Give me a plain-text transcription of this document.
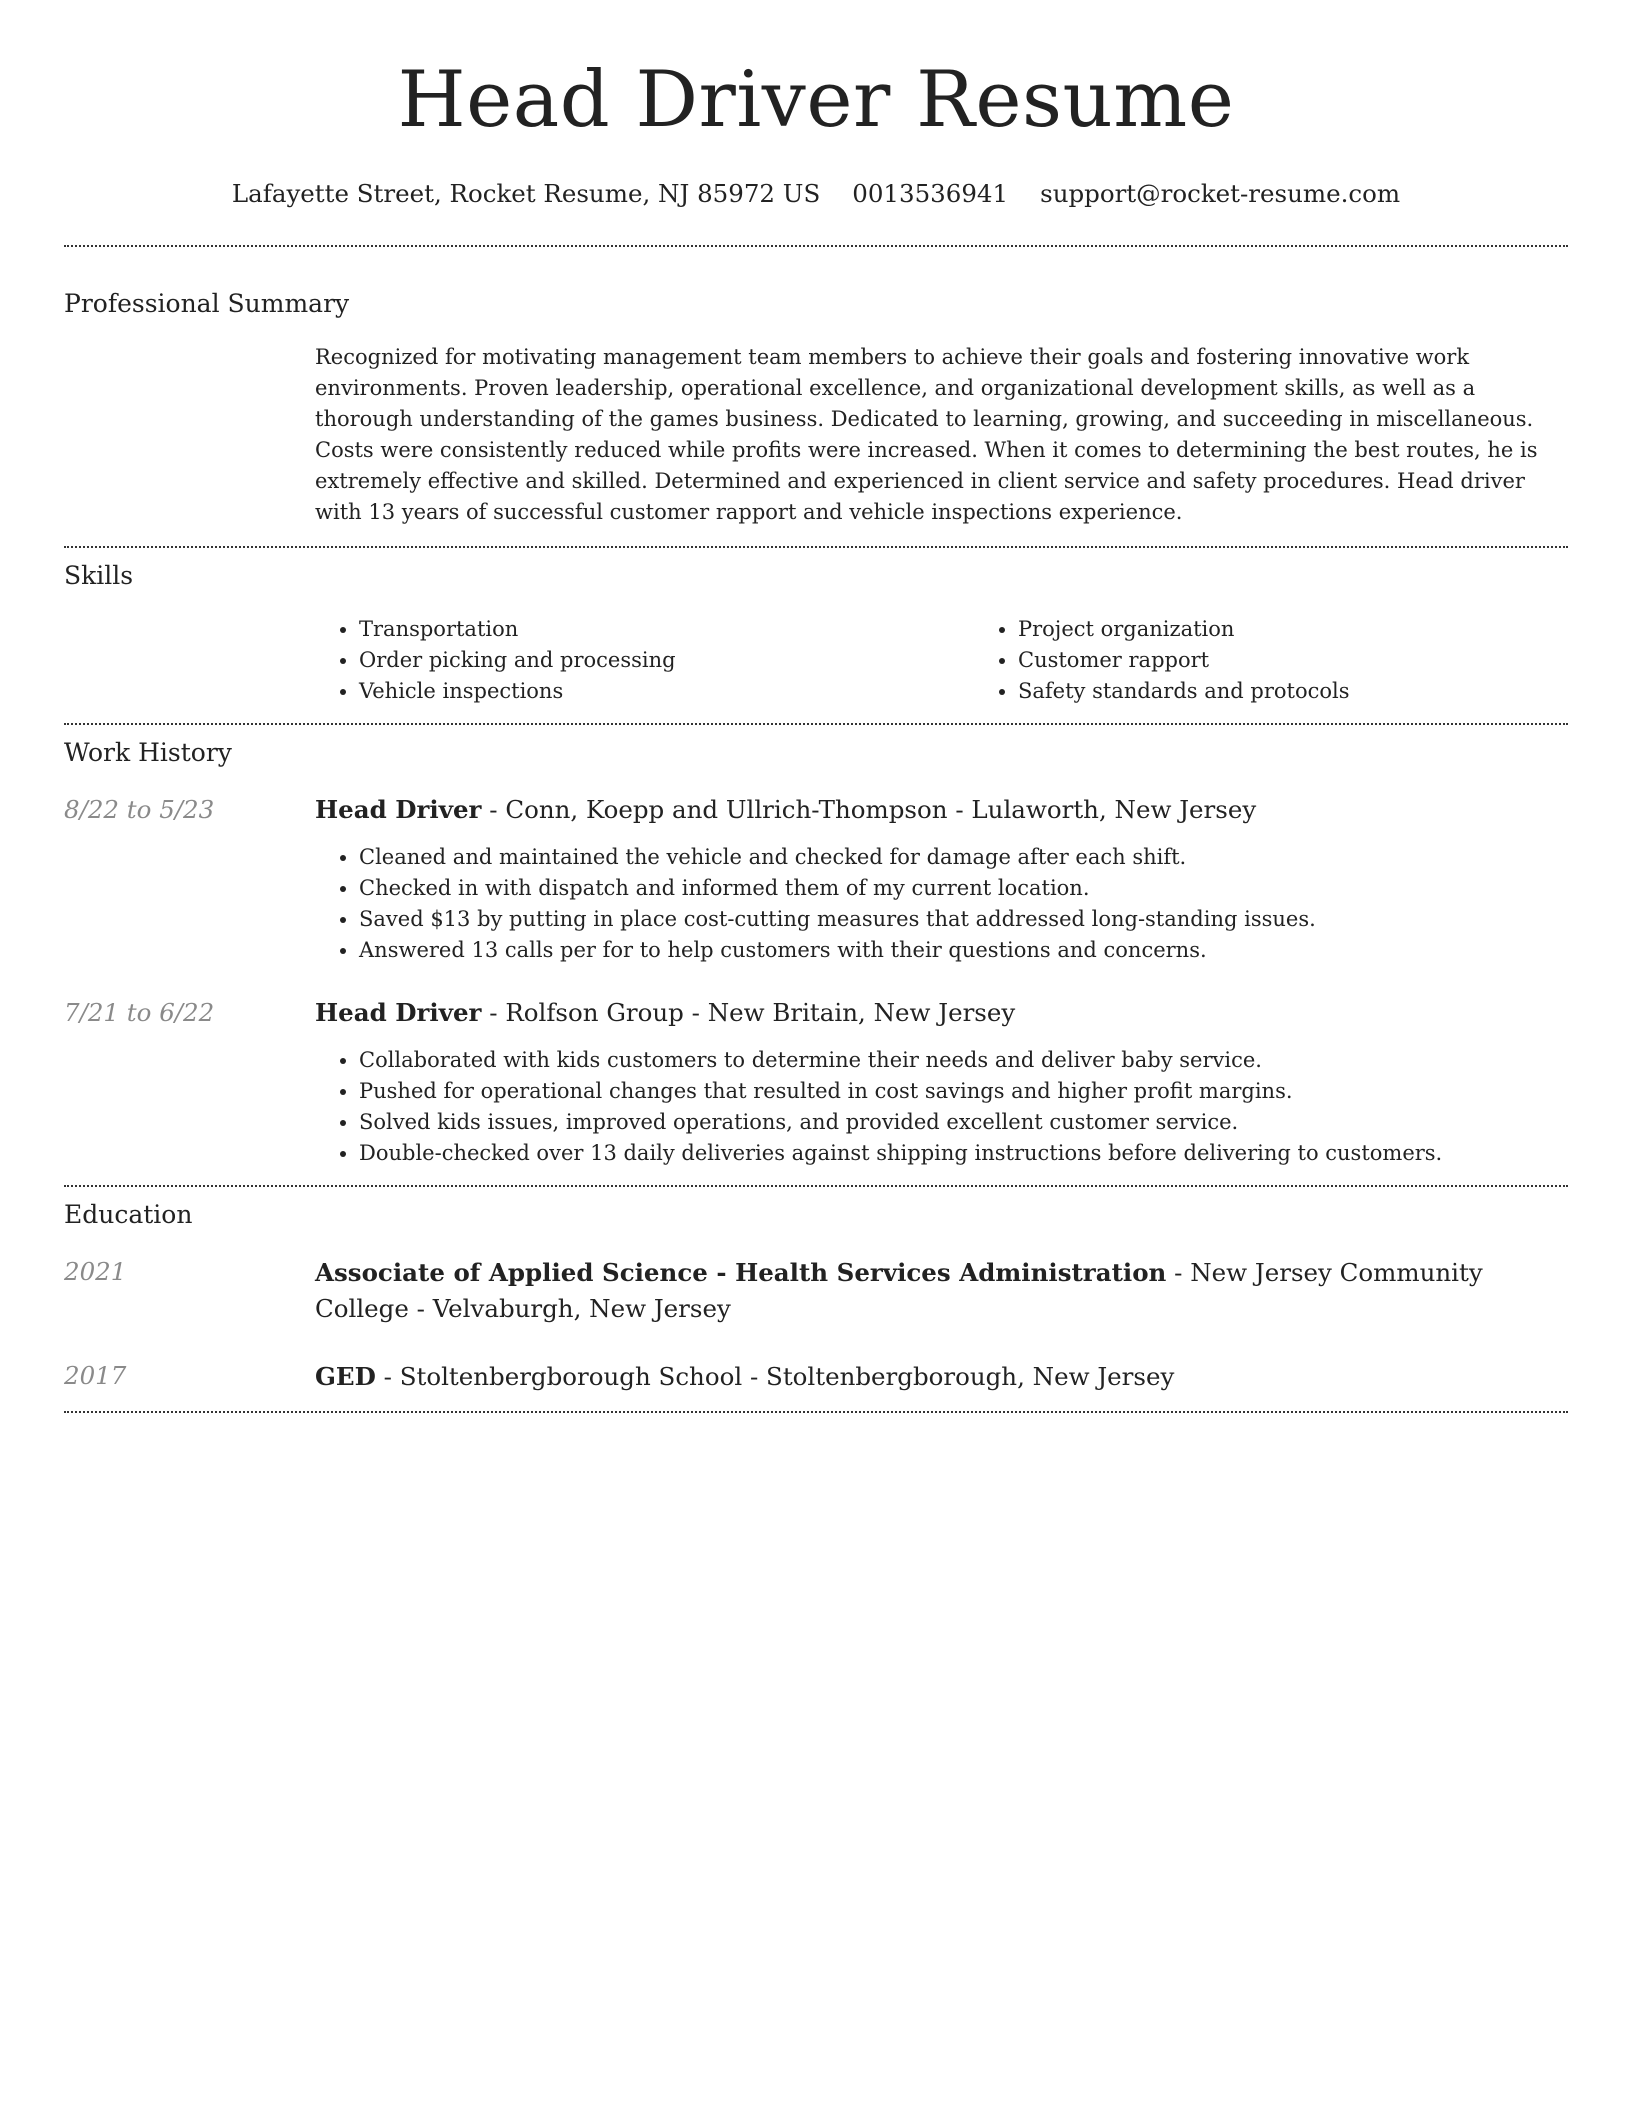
Head Driver Resume
Lafayette Street, Rocket Resume, NJ 85972 US 0013536941 support@rocket-resume.com
Professional Summary
Recognized for motivating management team members to achieve their goals and fostering innovative work environments. Proven leadership, operational excellence, and organizational development skills, as well as a thorough understanding of the games business. Dedicated to learning, growing, and succeeding in miscellaneous. Costs were consistently reduced while profits were increased. When it comes to determining the best routes, he is extremely effective and skilled. Determined and experienced in client service and safety procedures. Head driver with 13 years of successful customer rapport and vehicle inspections experience.
Skills
• Transportation
• Order picking and processing
• Vehicle inspections
• Project organization
• Customer rapport
• Safety standards and protocols
Work History
8/22 to 5/23	Head Driver - Conn, Koepp and Ullrich-Thompson - Lulaworth, New Jersey
• Cleaned and maintained the vehicle and checked for damage after each shift.
• Checked in with dispatch and informed them of my current location.
• Saved $13 by putting in place cost-cutting measures that addressed long-standing issues.
• Answered 13 calls per for to help customers with their questions and concerns.
7/21 to 6/22	Head Driver - Rolfson Group - New Britain, New Jersey
• Collaborated with kids customers to determine their needs and deliver baby service.
• Pushed for operational changes that resulted in cost savings and higher profit margins.
• Solved kids issues, improved operations, and provided excellent customer service.
• Double-checked over 13 daily deliveries against shipping instructions before delivering to customers.
Education
2021	Associate of Applied Science - Health Services Administration - New Jersey Community College - Velvaburgh, New Jersey
2017	GED - Stoltenbergborough School - Stoltenbergborough, New Jersey
